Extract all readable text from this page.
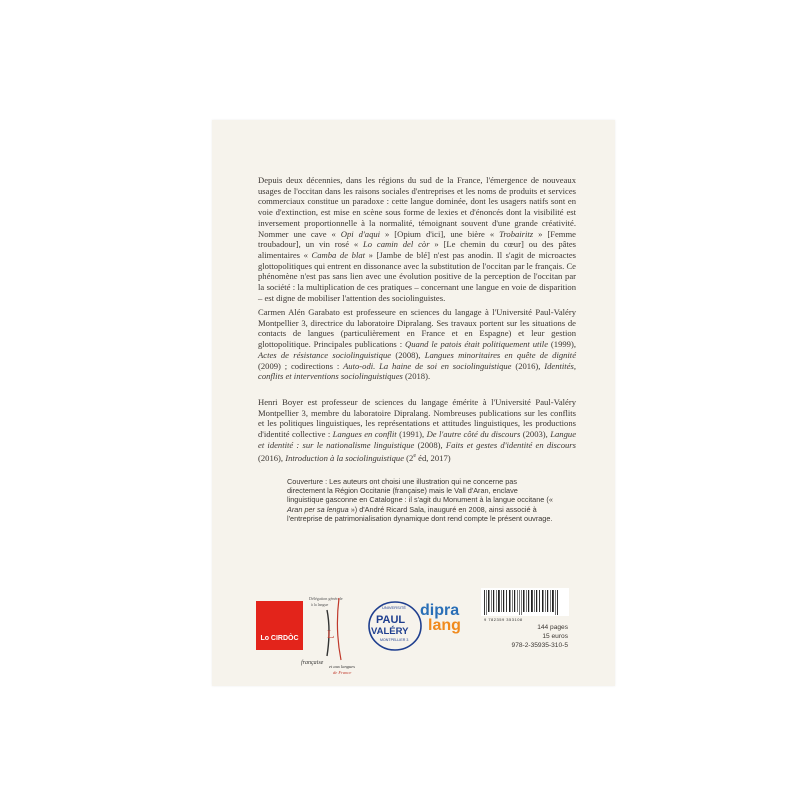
Depuis deux décennies, dans les régions du sud de la France, l'émergence de nouveaux usages de l'occitan dans les raisons sociales d'entreprises et les noms de produits et services commerciaux constitue un paradoxe : cette langue dominée, dont les usagers natifs sont en voie d'extinction, est mise en scène sous forme de lexies et d'énoncés dont la visibilité est inversement proportionnelle à la normalité, témoignant souvent d'une grande créativité. Nommer une cave « Opi d'aqui » [Opium d'ici], une bière « Trobairitz » [Femme troubadour], un vin rosé « Lo camin del còr » [Le chemin du cœur] ou des pâtes alimentaires « Camba de blat » [Jambe de blé] n'est pas anodin. Il s'agit de microactes glottopolitiques qui entrent en dissonance avec la substitution de l'occitan par le français. Ce phénomène n'est pas sans lien avec une évolution positive de la perception de l'occitan par la société : la multiplication de ces pratiques – concernant une langue en voie de disparition – est digne de mobiliser l'attention des sociolinguistes.

Carmen Alén Garabato est professeure en sciences du langage à l'Université Paul-Valéry Montpellier 3, directrice du laboratoire Dipralang. Ses travaux portent sur les situations de contacts de langues (particulièrement en France et en Espagne) et leur gestion glottopolitique. Principales publications : Quand le patois était politiquement utile (1999), Actes de résistance sociolinguistique (2008), Langues minoritaires en quête de dignité (2009) ; codirections : Auto-odi. La haine de soi en sociolinguistique (2016), Identités, conflits et interventions sociolinguistiques (2018).

Henri Boyer est professeur de sciences du langage émérite à l'Université Paul-Valéry Montpellier 3, membre du laboratoire Dipralang. Nombreuses publications sur les conflits et les politiques linguistiques, les représentations et attitudes linguistiques, les productions d'identité collective : Langues en conflit (1991), De l'autre côté du discours (2003), Langue et identité : sur le nationalisme linguistique (2008), Faits et gestes d'identité en discours (2016), Introduction à la sociolinguistique (2e éd, 2017)

Couverture : Les auteurs ont choisi une illustration qui ne concerne pas directement la Région Occitanie (française) mais le Vall d'Aran, enclave linguistique gasconne en Catalogne : il s'agit du Monument à la langue occitane (« Aran per sa lengua ») d'André Ricard Sala, inauguré en 2008, ainsi associé à l'entreprise de patrimonialisation dynamique dont rend compte le présent ouvrage.

Lo CIRDÒC
Délégation générale
à la langue
L
française
et aux langues
de France
UNIVERSITÉ
PAUL
VALÉRY
MONTPELLIER 3
dipra
lang	9 782359 353108
144 pages
15 euros
978-2-35935-310-5
